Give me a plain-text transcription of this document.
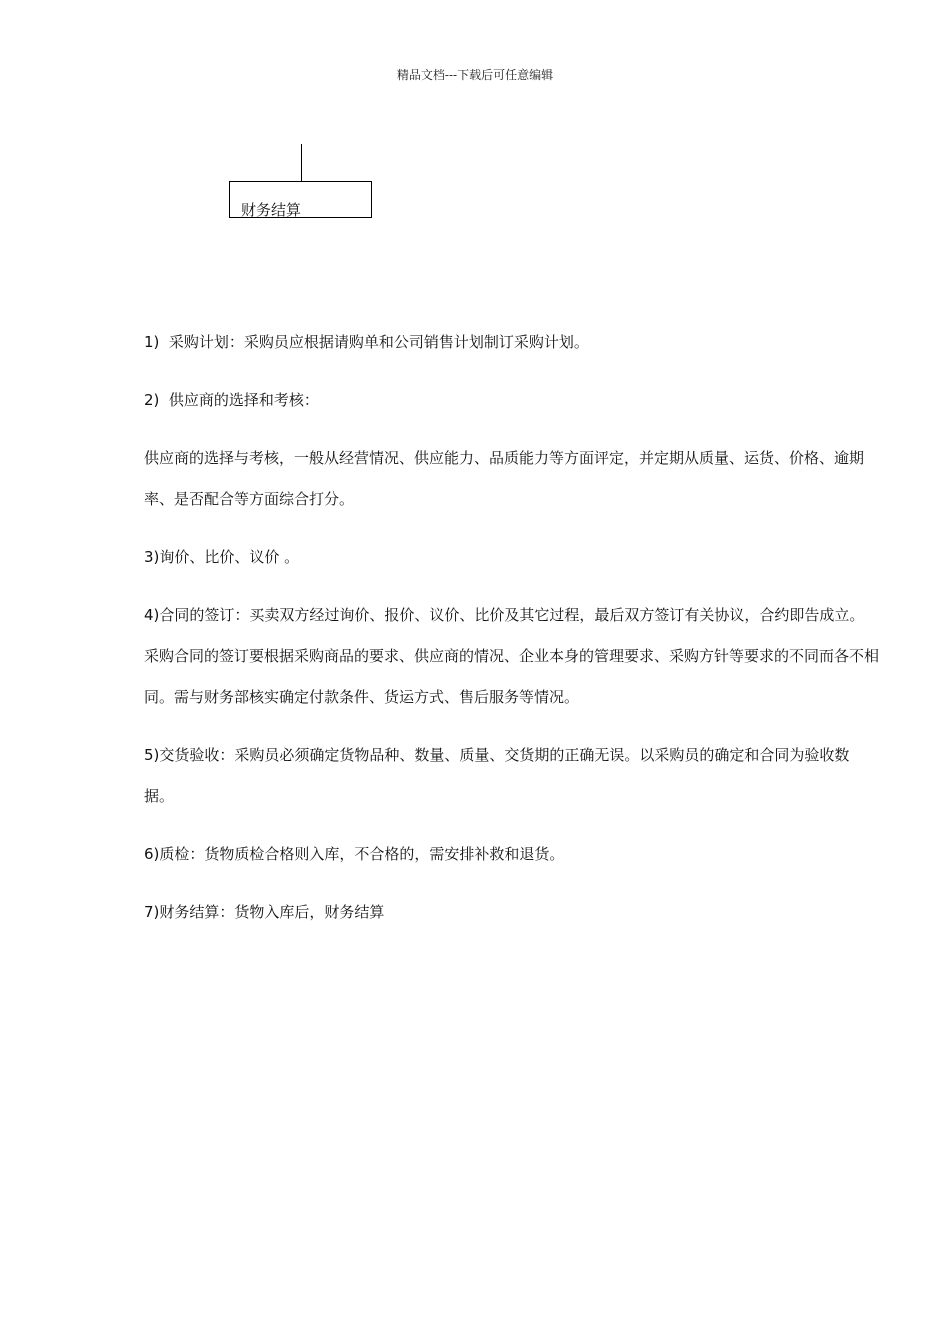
精品文档---下载后可任意编辑
财务结算

1)  采购计划：采购员应根据请购单和公司销售计划制订采购计划。

2)  供应商的选择和考核：

供应商的选择与考核，一般从经营情况、供应能力、品质能力等方面评定，并定期从质量、运货、价格、逾期率、是否配合等方面综合打分。

3)询价、比价、议价 。

4)合同的签订：买卖双方经过询价、报价、议价、比价及其它过程，最后双方签订有关协议，合约即告成立。采购合同的签订要根据采购商品的要求、供应商的情况、企业本身的管理要求、采购方针等要求的不同而各不相同。需与财务部核实确定付款条件、货运方式、售后服务等情况。

5)交货验收：采购员必须确定货物品种、数量、质量、交货期的正确无误。以采购员的确定和合同为验收数据。

6)质检：货物质检合格则入库，不合格的，需安排补救和退货。

7)财务结算：货物入库后，财务结算
